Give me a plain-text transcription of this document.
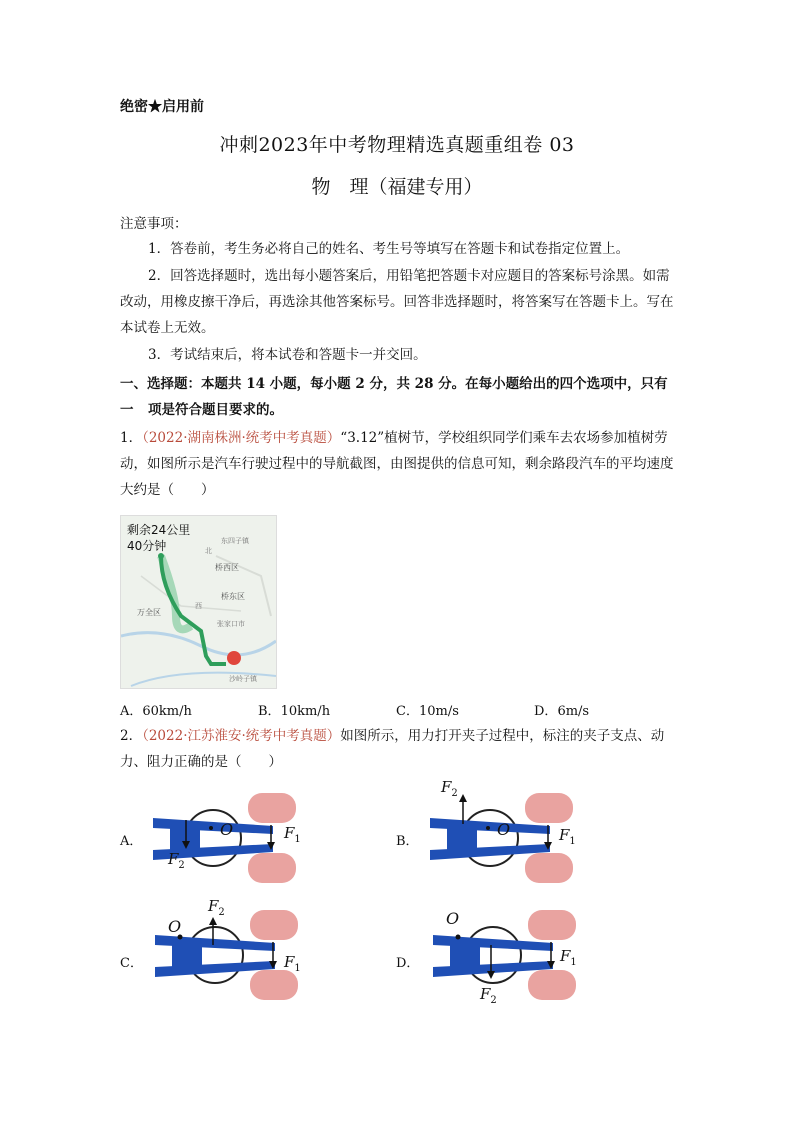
绝密★启用前
冲刺2023年中考物理精选真题重组卷 03
物　理（福建专用）
注意事项：
1．答卷前，考生务必将自己的姓名、考生号等填写在答题卡和试卷指定位置上。
2．回答选择题时，选出每小题答案后，用铅笔把答题卡对应题目的答案标号涂黑。如需改动，用橡皮擦干净后，再选涂其他答案标号。回答非选择题时，将答案写在答题卡上。写在本试卷上无效。
3．考试结束后，将本试卷和答题卡一并交回。
一、选择题：本题共 14 小题，每小题 2 分，共 28 分。在每小题给出的四个选项中，只有一	项是符合题目要求的。
1．（2022·湖南株洲·统考中考真题）“3.12”植树节，学校组织同学们乘车去农场参加植树劳动，如图所示是汽车行驶过程中的导航截图，由图提供的信息可知，剩余路段汽车的平均速度大约是（　　）
剩余24公里
40分钟	东四子镇
北
桥西区
桥东区
万全区
张家口市
沙岭子镇
西
A．60km/h	B．10km/h	C．10m/s	D．6m/s
2．（2022·江苏淮安·统考中考真题）如图所示，用力打开夹子过程中，标注的夹子支点、动力、阻力正确的是（　　）
A．
O	$F_1$
$F_2$
B．
O	$F_1$
$F_2$
C．
O
$F_2$
$F_1$	D．
O
$F_2$
$F_1$
